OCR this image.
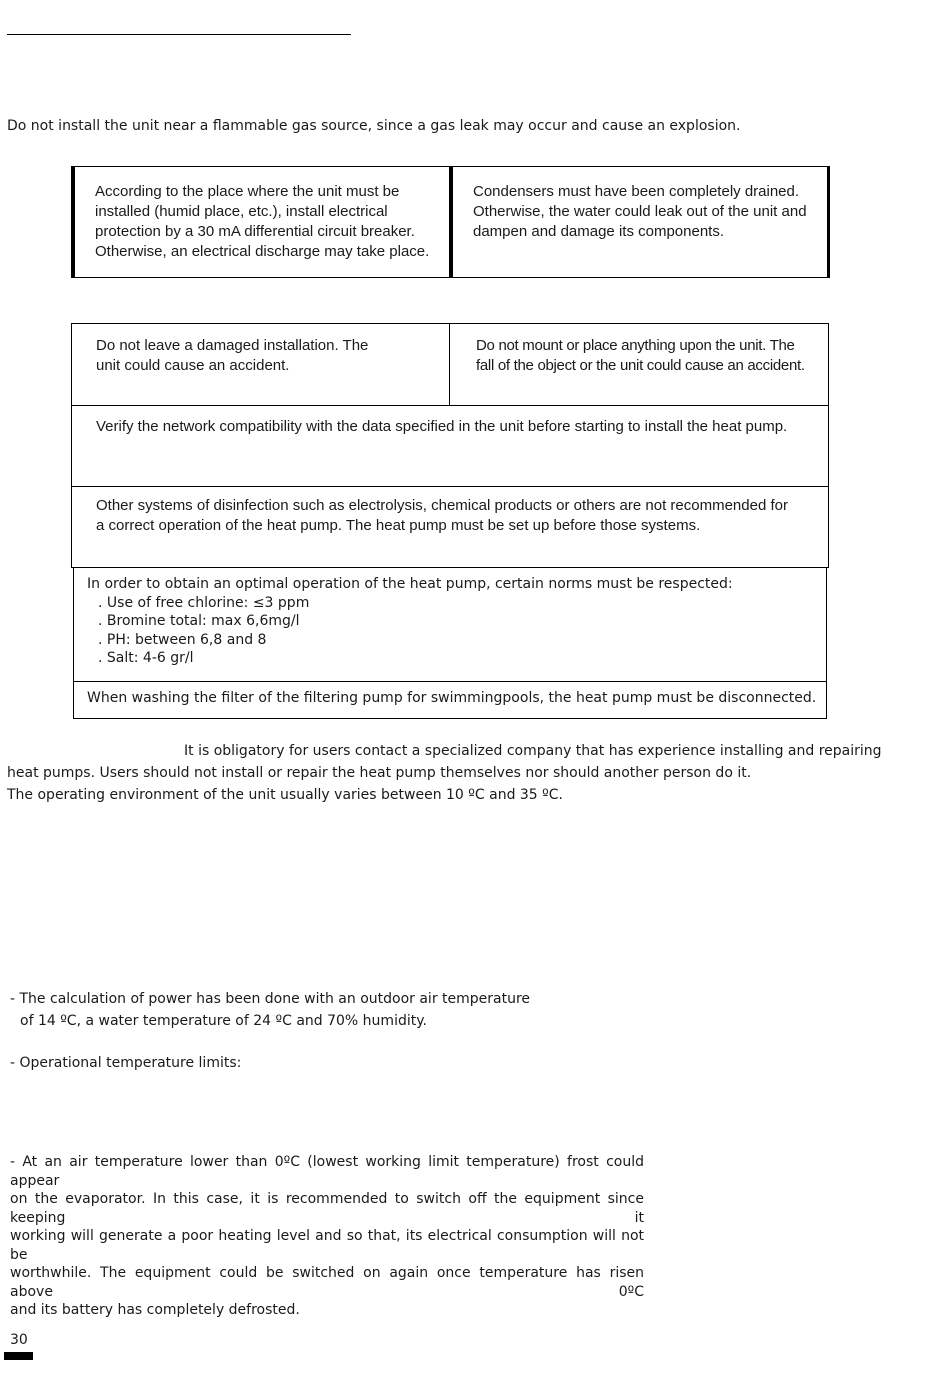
Do not install the unit near a flammable gas source, since a gas leak may occur and cause an explosion.
According to the place where the unit must be
installed (humid place, etc.), install electrical
protection by a 30 mA differential circuit breaker.
Otherwise, an electrical discharge may take place.
Condensers must have been completely drained.
Otherwise, the water could leak out of the unit and
dampen and damage its components.
Do not leave a damaged installation. The
unit could cause an accident.
Do not mount or place anything upon the unit. The
fall of the object or the unit could cause an accident.
Verify the network compatibility with the data specified in the unit before starting to install the heat pump.
Other systems of disinfection such as electrolysis, chemical products or others are not recommended for
a correct operation of the heat pump. The heat pump must be set up before those systems.
In order to obtain an optimal operation of the heat pump, certain norms must be respected:
. Use of free chlorine: ≤3 ppm
. Bromine total: max 6,6mg/l
. PH: between 6,8 and 8
. Salt: 4-6 gr/l
When washing the filter of the filtering pump for swimmingpools, the heat pump must be disconnected.
It is obligatory for users contact a specialized company that has experience installing and repairing
heat pumps. Users should not install or repair the heat pump themselves nor should another person do it.
The operating environment of the unit usually varies between 10 ºC and 35 ºC.
- The calculation of power has been done with an outdoor air temperature
of 14 ºC, a water temperature of 24 ºC and 70% humidity.
- Operational temperature limits:
- At an air temperature lower than 0ºC (lowest working limit temperature) frost could appear
on the evaporator. In this case, it is recommended to switch off the equipment since keeping it
working will generate a poor heating level and so that, its electrical consumption will not be
worthwhile. The equipment could be switched on again once temperature has risen above 0ºC
and its battery has completely defrosted.
30
